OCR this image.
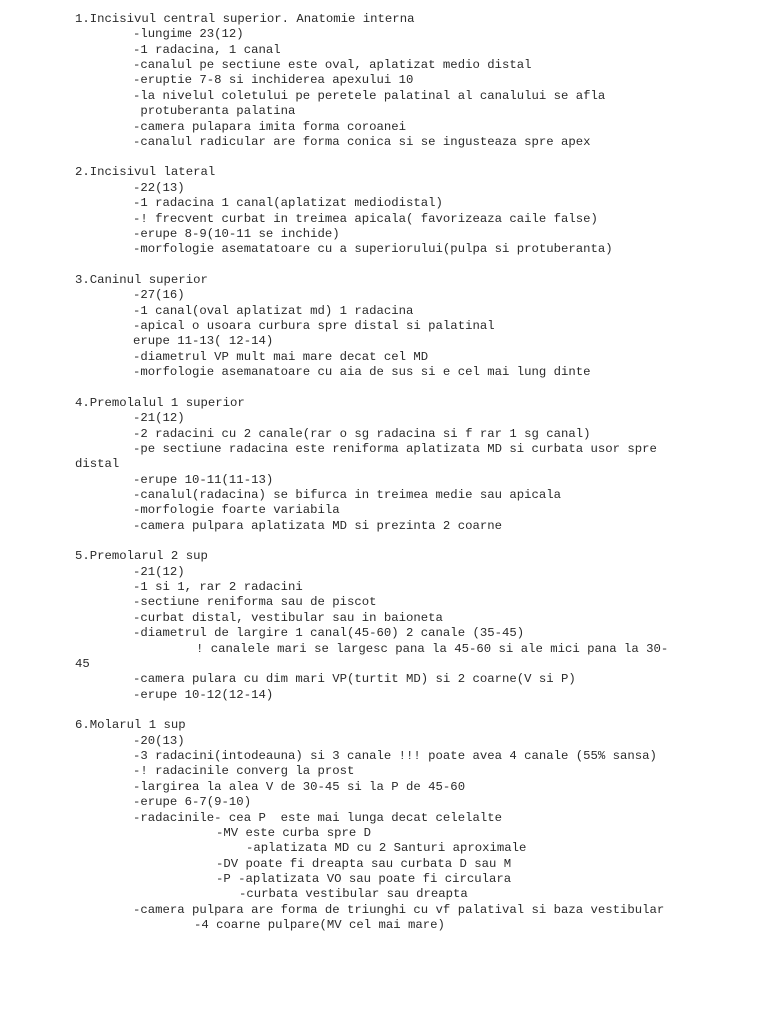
1.Incisivul central superior. Anatomie interna
-lungime 23(12)
-1 radacina, 1 canal
-canalul pe sectiune este oval, aplatizat medio distal
-eruptie 7-8 si inchiderea apexului 10
-la nivelul coletului pe peretele palatinal al canalului se afla
protuberanta palatina
-camera pulapara imita forma coroanei
-canalul radicular are forma conica si se ingusteaza spre apex
2.Incisivul lateral
-22(13)
-1 radacina 1 canal(aplatizat mediodistal)
-! frecvent curbat in treimea apicala( favorizeaza caile false)
-erupe 8-9(10-11 se inchide)
-morfologie asematatoare cu a superiorului(pulpa si protuberanta)
3.Caninul superior
-27(16)
-1 canal(oval aplatizat md) 1 radacina
-apical o usoara curbura spre distal si palatinal
erupe 11-13( 12-14)
-diametrul VP mult mai mare decat cel MD
-morfologie asemanatoare cu aia de sus si e cel mai lung dinte
4.Premolalul 1 superior
-21(12)
-2 radacini cu 2 canale(rar o sg radacina si f rar 1 sg canal)
-pe sectiune radacina este reniforma aplatizata MD si curbata usor spre
distal
-erupe 10-11(11-13)
-canalul(radacina) se bifurca in treimea medie sau apicala
-morfologie foarte variabila
-camera pulpara aplatizata MD si prezinta 2 coarne
5.Premolarul 2 sup
-21(12)
-1 si 1, rar 2 radacini
-sectiune reniforma sau de piscot
-curbat distal, vestibular sau in baioneta
-diametrul de largire 1 canal(45-60) 2 canale (35-45)
! canalele mari se largesc pana la 45-60 si ale mici pana la 30-
45
-camera pulara cu dim mari VP(turtit MD) si 2 coarne(V si P)
-erupe 10-12(12-14)
6.Molarul 1 sup
-20(13)
-3 radacini(intodeauna) si 3 canale !!! poate avea 4 canale (55% sansa)
-! radacinile converg la prost
-largirea la alea V de 30-45 si la P de 45-60
-erupe 6-7(9-10)
-radacinile- cea P  este mai lunga decat celelalte
-MV este curba spre D
-aplatizata MD cu 2 Santuri aproximale
-DV poate fi dreapta sau curbata D sau M
-P -aplatizata VO sau poate fi circulara
-curbata vestibular sau dreapta
-camera pulpara are forma de triunghi cu vf palatival si baza vestibular
-4 coarne pulpare(MV cel mai mare)
